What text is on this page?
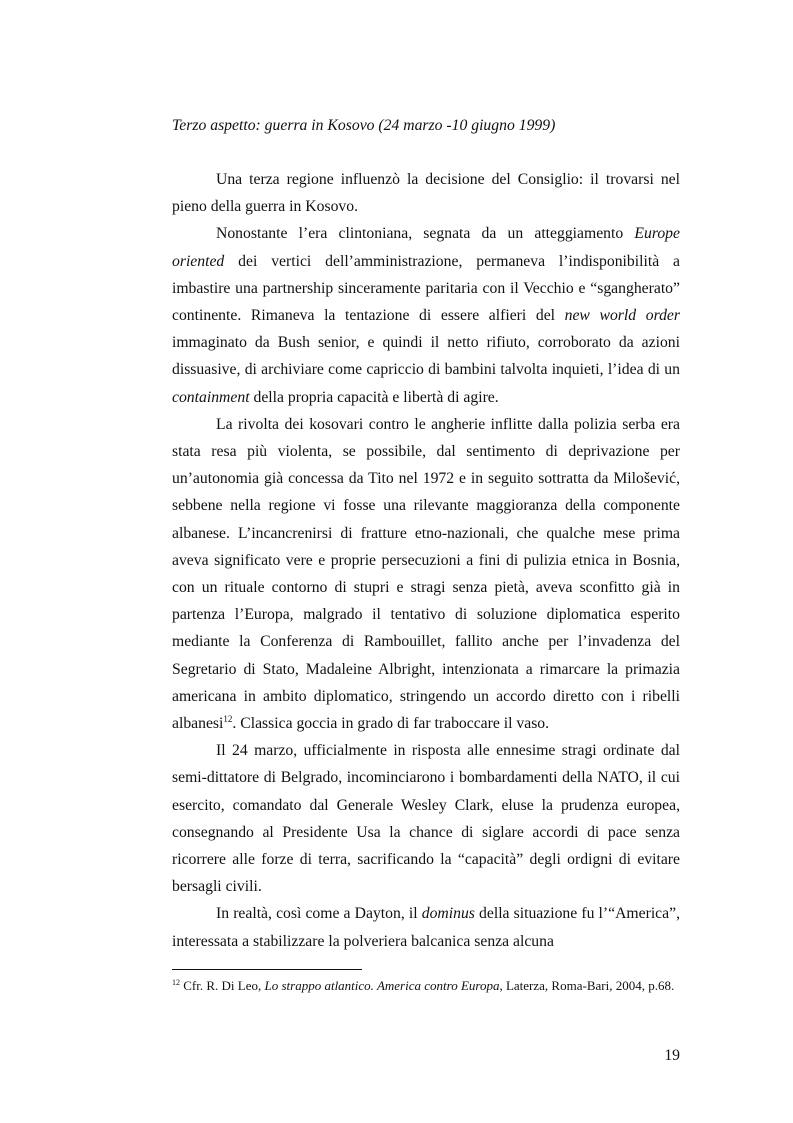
Terzo aspetto: guerra in Kosovo (24 marzo -10 giugno 1999)

Una terza regione influenzò la decisione del Consiglio: il trovarsi nel pieno della guerra in Kosovo.

Nonostante l’era clintoniana, segnata da un atteggiamento Europe oriented dei vertici dell’amministrazione, permaneva l’indisponibilità a imbastire una partnership sinceramente paritaria con il Vecchio e “sgangherato” continente. Rimaneva la tentazione di essere alfieri del new world order immaginato da Bush senior, e quindi il netto rifiuto, corroborato da azioni dissuasive, di archiviare come capriccio di bambini talvolta inquieti, l’idea di un containment della propria capacità e libertà di agire.

La rivolta dei kosovari contro le angherie inflitte dalla polizia serba era stata resa più violenta, se possibile, dal sentimento di deprivazione per un’autonomia già concessa da Tito nel 1972 e in seguito sottratta da Milošević, sebbene nella regione vi fosse una rilevante maggioranza della componente albanese. L’incancrenirsi di fratture etno-nazionali, che qualche mese prima aveva significato vere e proprie persecuzioni a fini di pulizia etnica in Bosnia, con un rituale contorno di stupri e stragi senza pietà, aveva sconfitto già in partenza l’Europa, malgrado il tentativo di soluzione diplomatica esperito mediante la Conferenza di Rambouillet, fallito anche per l’invadenza del Segretario di Stato, Madaleine Albright, intenzionata a rimarcare la primazia americana in ambito diplomatico, stringendo un accordo diretto con i ribelli albanesi$^{12}$. Classica goccia in grado di far traboccare il vaso.

Il 24 marzo, ufficialmente in risposta alle ennesime stragi ordinate dal semi-dittatore di Belgrado, incominciarono i bombardamenti della NATO, il cui esercito, comandato dal Generale Wesley Clark, eluse la prudenza europea, consegnando al Presidente Usa la chance di siglare accordi di pace senza ricorrere alle forze di terra, sacrificando la “capacità” degli ordigni di evitare bersagli civili.

In realtà, così come a Dayton, il dominus della situazione fu l’“America”, interessata a stabilizzare la polveriera balcanica senza alcuna

$^{12}$ Cfr. R. Di Leo, Lo strappo atlantico. America contro Europa, Laterza, Roma-Bari, 2004, p.68.
19
